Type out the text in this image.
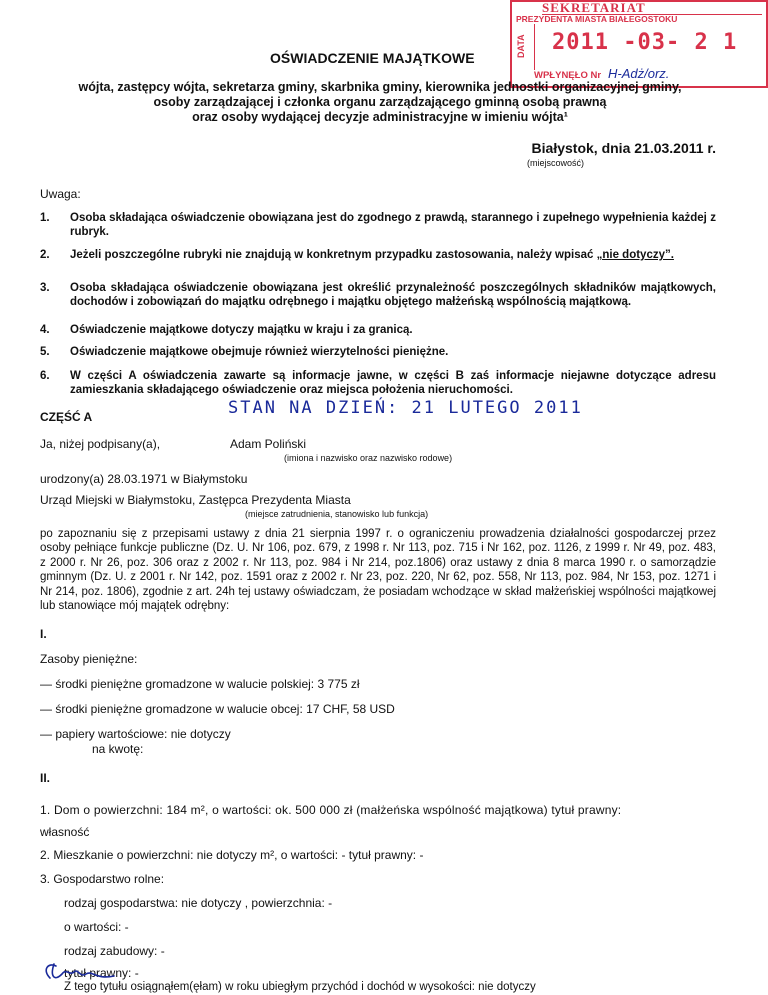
SEKRETARIAT
PREZYDENTA MIASTA BIAŁEGOSTOKU
DATA 2011 -03- 2 1
WPŁYNĘŁO Nr H-Adż/orz.
OŚWIADCZENIE MAJĄTKOWE
wójta, zastępcy wójta, sekretarza gminy, skarbnika gminy, kierownika jednostki organizacyjnej gminy,
osoby zarządzającej i członka organu zarządzającego gminną osobą prawną
oraz osoby wydającej decyzje administracyjne w imieniu wójta¹
Białystok, dnia 21.03.2011 r.
(miejscowość)
Uwaga:
1.	Osoba składająca oświadczenie obowiązana jest do zgodnego z prawdą, starannego i zupełnego wypełnienia każdej z rubryk.
2.	Jeżeli poszczególne rubryki nie znajdują w konkretnym przypadku zastosowania, należy wpisać „nie dotyczy”.
3.	Osoba składająca oświadczenie obowiązana jest określić przynależność poszczególnych składników majątkowych, dochodów i zobowiązań do majątku odrębnego i majątku objętego małżeńską wspólnością majątkową.
4.	Oświadczenie majątkowe dotyczy majątku w kraju i za granicą.
5.	Oświadczenie majątkowe obejmuje również wierzytelności pieniężne.
6.	W części A oświadczenia zawarte są informacje jawne, w części B zaś informacje niejawne dotyczące adresu zamieszkania składającego oświadczenie oraz miejsca położenia nieruchomości.
CZĘŚĆ A	STAN NA DZIEŃ: 21 LUTEGO 2011
Ja, niżej podpisany(a),	Adam Poliński
(imiona i nazwisko oraz nazwisko rodowe)
urodzony(a) 28.03.1971 w Białymstoku
Urząd Miejski w Białymstoku, Zastępca Prezydenta Miasta
(miejsce zatrudnienia, stanowisko lub funkcja)
po zapoznaniu się z przepisami ustawy z dnia 21 sierpnia 1997 r. o ograniczeniu prowadzenia działalności gospodarczej przez osoby pełniące funkcje publiczne (Dz. U. Nr 106, poz. 679, z 1998 r. Nr 113, poz. 715 i Nr 162, poz. 1126, z 1999 r. Nr 49, poz. 483, z 2000 r. Nr 26, poz. 306 oraz z 2002 r. Nr 113, poz. 984 i Nr 214, poz.1806) oraz ustawy z dnia 8 marca 1990 r. o samorządzie gminnym (Dz. U. z 2001 r. Nr 142, poz. 1591 oraz z 2002 r. Nr 23, poz. 220, Nr 62, poz. 558, Nr 113, poz. 984, Nr 153, poz. 1271 i Nr 214, poz. 1806), zgodnie z art. 24h tej ustawy oświadczam, że posiadam wchodzące w skład małżeńskiej wspólności majątkowej lub stanowiące mój majątek odrębny:
I.
Zasoby pieniężne:
— środki pieniężne gromadzone w walucie polskiej: 3 775 zł
— środki pieniężne gromadzone w walucie obcej: 17 CHF, 58 USD
— papiery wartościowe: nie dotyczy
na kwotę:
II.
1. Dom o powierzchni: 184 m², o wartości: ok. 500 000 zł (małżeńska wspólność majątkowa) tytuł prawny:
własność
2. Mieszkanie o powierzchni: nie dotyczy m², o wartości: - tytuł prawny: -
3. Gospodarstwo rolne:
rodzaj gospodarstwa: nie dotyczy , powierzchnia: -
o wartości: -
rodzaj zabudowy: -
tytuł prawny: -
Z tego tytułu osiągnąłem(ęłam) w roku ubiegłym przychód i dochód w wysokości: nie dotyczy
